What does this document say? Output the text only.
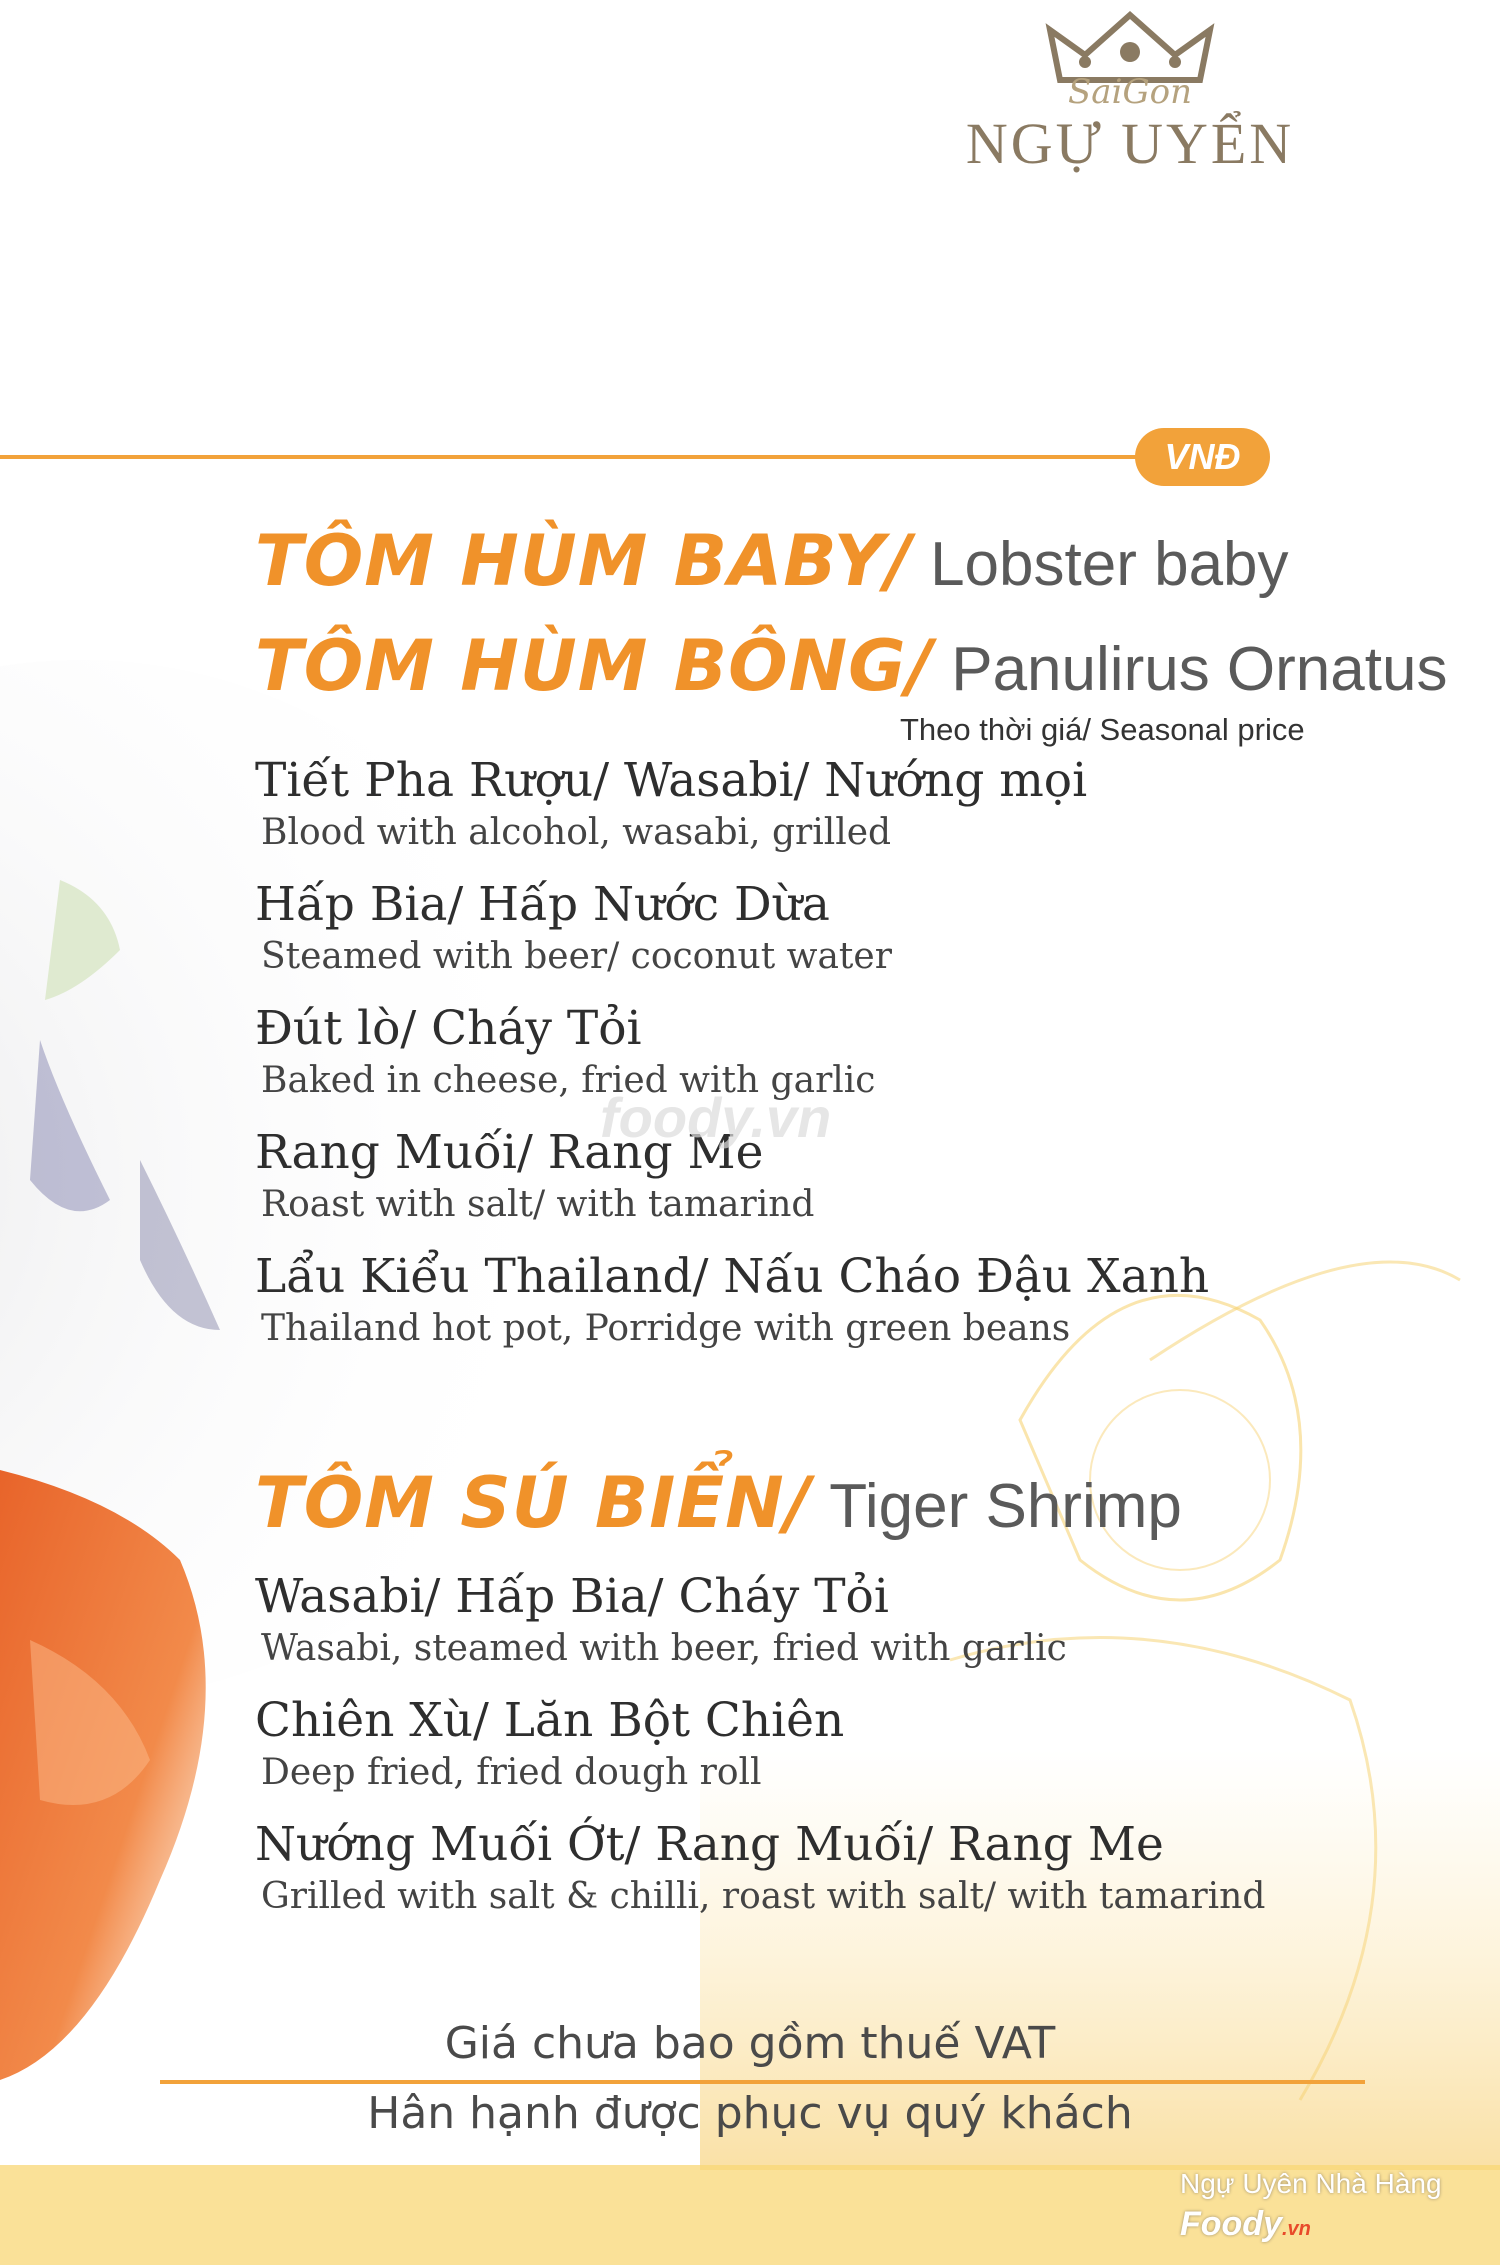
SaiGon
NGỰ UYỂN
VNĐ
TÔM HÙM BABY/ Lobster baby
TÔM HÙM BÔNG/ Panulirus Ornatus
Theo thời giá/ Seasonal price
Tiết Pha Rượu/ Wasabi/ Nướng mọi
Blood with alcohol, wasabi, grilled
Hấp Bia/ Hấp Nước Dừa
Steamed with beer/ coconut water
Đút lò/ Cháy Tỏi
Baked in cheese, fried with garlic
Rang Muối/ Rang Me
Roast with salt/ with tamarind
Lẩu Kiểu Thailand/ Nấu Cháo Đậu Xanh
Thailand hot pot, Porridge with green beans
foody.vn
TÔM SÚ BIỂN/ Tiger Shrimp
Wasabi/ Hấp Bia/ Cháy Tỏi
Wasabi, steamed with beer, fried with garlic
Chiên Xù/ Lăn Bột Chiên
Deep fried, fried dough roll
Nướng Muối Ớt/ Rang Muối/ Rang Me
Grilled with salt & chilli, roast with salt/ with tamarind
Giá chưa bao gồm thuế VAT
Hân hạnh được phục vụ quý khách
Ngự Uyên Nhà Hàng
Foody.vn
